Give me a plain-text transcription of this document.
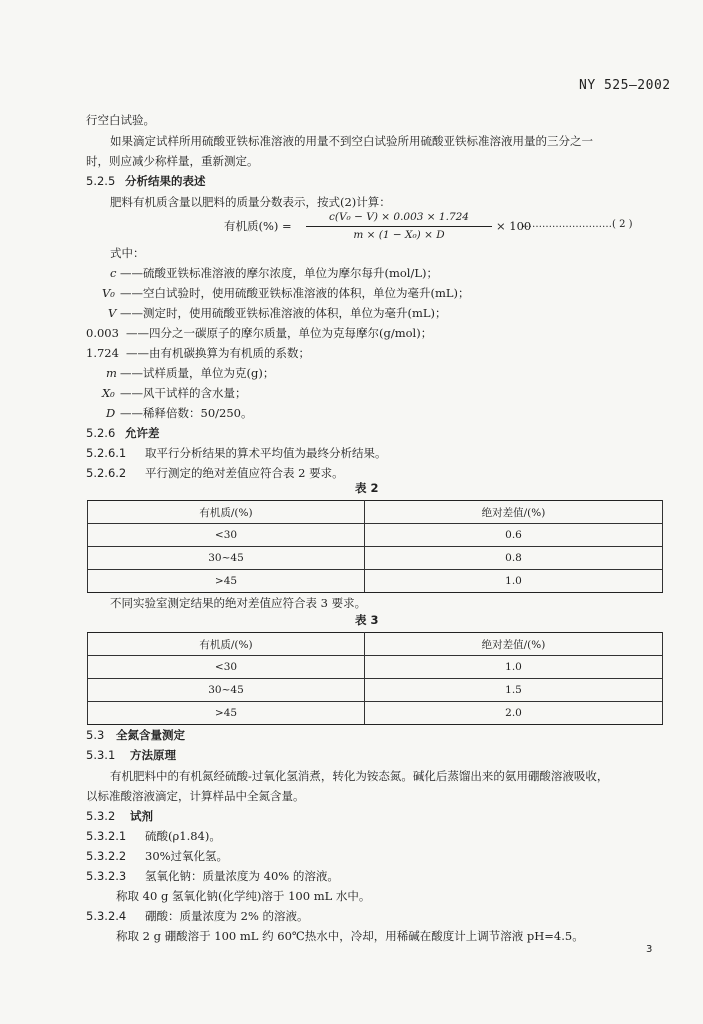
NY 525—2002
行空白试验。
如果滴定试样所用硫酸亚铁标准溶液的用量不到空白试验所用硫酸亚铁标准溶液用量的三分之一
时，则应减少称样量，重新测定。
5.2.5 分析结果的表述
肥料有机质含量以肥料的质量分数表示，按式(2)计算：
有机质(%) =
c(V₀ − V) × 0.003 × 1.724
m × (1 − X₀) × D
× 100
………………………( 2 )
式中：
c ——硫酸亚铁标准溶液的摩尔浓度，单位为摩尔每升(mol/L)；
V₀ ——空白试验时，使用硫酸亚铁标准溶液的体积，单位为毫升(mL)；
V ——测定时，使用硫酸亚铁标准溶液的体积，单位为毫升(mL)；
0.003 ——四分之一碳原子的摩尔质量，单位为克每摩尔(g/mol)；
1.724 ——由有机碳换算为有机质的系数；
m ——试样质量，单位为克(g)；
X₀ ——风干试样的含水量；
D ——稀释倍数：50/250。
5.2.6 允许差
5.2.6.1 取平行分析结果的算术平均值为最终分析结果。
5.2.6.2 平行测定的绝对差值应符合表 2 要求。
表 2
有机质/(%)	绝对差值/(%)
<30	0.6
30~45	0.8
>45	1.0
不同实验室测定结果的绝对差值应符合表 3 要求。
表 3
有机质/(%)	绝对差值/(%)
<30	1.0
30~45	1.5
>45	2.0
5.3 全氮含量测定
5.3.1 方法原理
有机肥料中的有机氮经硫酸-过氧化氢消煮，转化为铵态氮。碱化后蒸馏出来的氨用硼酸溶液吸收，
以标准酸溶液滴定，计算样品中全氮含量。
5.3.2 试剂
5.3.2.1 硫酸(ρ1.84)。
5.3.2.2 30%过氧化氢。
5.3.2.3 氢氧化钠：质量浓度为 40% 的溶液。
称取 40 g 氢氧化钠(化学纯)溶于 100 mL 水中。
5.3.2.4 硼酸：质量浓度为 2% 的溶液。
称取 2 g 硼酸溶于 100 mL 约 60℃热水中，冷却，用稀碱在酸度计上调节溶液 pH=4.5。
3
